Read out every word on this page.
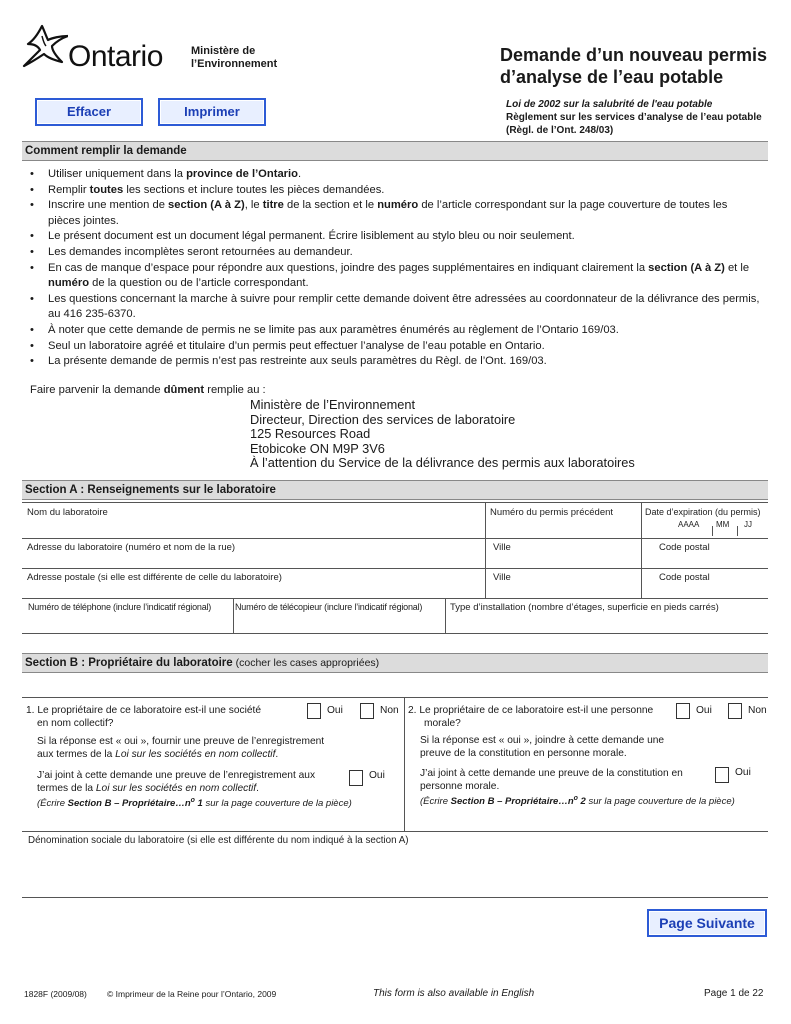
Ontario	Ministère de
l’Environnement	Demande d’un nouveau permis
d’analyse de l’eau potable
Loi de 2002 sur la salubrité de l'eau potable
Règlement sur les services d’analyse de l’eau potable
(Règl. de l’Ont. 248/03)
Effacer	Imprimer
Comment remplir la demande
• Utiliser uniquement dans la province de l’Ontario.
• Remplir toutes les sections et inclure toutes les pièces demandées.
• Inscrire une mention de section (A à Z), le titre de la section et le numéro de l’article correspondant sur la page couverture de toutes les pièces jointes.
• Le présent document est un document légal permanent. Écrire lisiblement au stylo bleu ou noir seulement.
• Les demandes incomplètes seront retournées au demandeur.
• En cas de manque d’espace pour répondre aux questions, joindre des pages supplémentaires en indiquant clairement la section (A à Z) et le numéro de la question ou de l’article correspondant.
• Les questions concernant la marche à suivre pour remplir cette demande doivent être adressées au coordonnateur de la délivrance des permis, au 416 235-6370.
• À noter que cette demande de permis ne se limite pas aux paramètres énumérés au règlement de l’Ontario 169/03.
• Seul un laboratoire agréé et titulaire d’un permis peut effectuer l’analyse de l’eau potable en Ontario.
• La présente demande de permis n’est pas restreinte aux seuls paramètres du Règl. de l’Ont. 169/03.
Faire parvenir la demande dûment remplie au :
Ministère de l’Environnement
Directeur, Direction des services de laboratoire
125 Resources Road
Etobicoke ON M9P 3V6
À l’attention du Service de la délivrance des permis aux laboratoires
Section A : Renseignements sur le laboratoire
Nom du laboratoire	Numéro du permis précédent	Date d’expiration (du permis)
AAAA MM JJ
Adresse du laboratoire (numéro et nom de la rue)	Ville	Code postal
Adresse postale (si elle est différente de celle du laboratoire)	Ville	Code postal
Numéro de téléphone (inclure l’indicatif régional)	Numéro de télécopieur (inclure l’indicatif régional)	Type d’installation (nombre d’étages, superficie en pieds carrés)
Section B : Propriétaire du laboratoire (cocher les cases appropriées)
1. Le propriétaire de ce laboratoire est-il une société
en nom collectif?
Oui	Non
Si la réponse est « oui », fournir une preuve de l’enregistrement
aux termes de la Loi sur les sociétés en nom collectif.
J’ai joint à cette demande une preuve de l’enregistrement aux
termes de la Loi sur les sociétés en nom collectif.
(Écrire Section B – $Propriétaire\dots n^o$ 1 sur la page couverture de la pièce)
Oui
2. Le propriétaire de ce laboratoire est-il une personne
morale?
Oui	Non
Si la réponse est « oui », joindre à cette demande une
preuve de la constitution en personne morale.
J’ai joint à cette demande une preuve de la constitution en
personne morale.
(Écrire Section B – $Propriétaire\dots n^o$ 2 sur la page couverture de la pièce)
Oui
Dénomination sociale du laboratoire (si elle est différente du nom indiqué à la section A)
Page Suivante
1828F (2009/08) © Imprimeur de la Reine pour l’Ontario, 2009	This form is also available in English	Page 1 de 22
